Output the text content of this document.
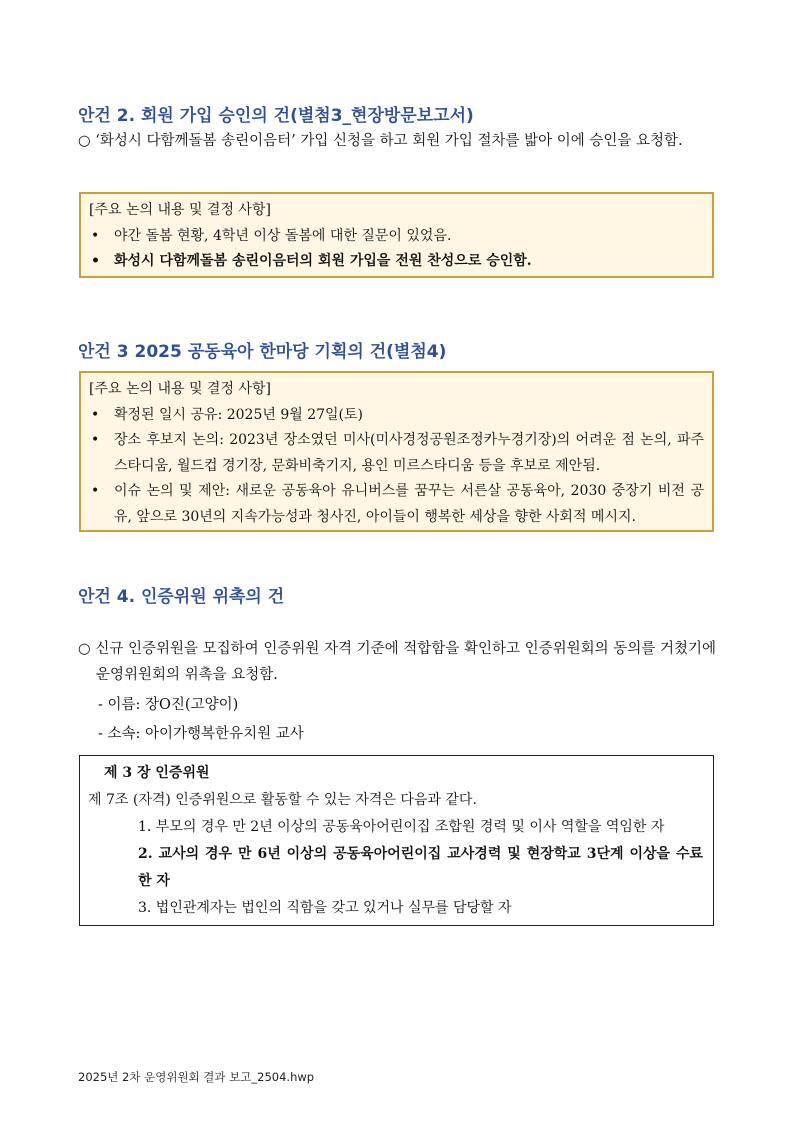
안건 2. 회원 가입 승인의 건(별첨3_현장방문보고서)
○ ‘화성시 다함께돌봄 송린이음터’ 가입 신청을 하고 회원 가입 절차를 밟아 이에 승인을 요청함.

[주요 논의 내용 및 결정 사항]

• 야간 돌봄 현황, 4학년 이상 돌봄에 대한 질문이 있었음.
• 화성시 다함께돌봄 송린이음터의 회원 가입을 전원 찬성으로 승인함.
안건 3 2025 공동육아 한마당 기획의 건(별첨4)

[주요 논의 내용 및 결정 사항]

• 확정된 일시 공유: 2025년 9월 27일(토)
• 장소 후보지 논의: 2023년 장소였던 미사(미사경정공원조정카누경기장)의 어려운 점 논의, 파주 스타디움, 월드컵 경기장, 문화비축기지, 용인 미르스타디움 등을 후보로 제안됨.
• 이슈 논의 및 제안: 새로운 공동육아 유니버스를 꿈꾸는 서른살 공동육아, 2030 중장기 비전 공유, 앞으로 30년의 지속가능성과 청사진, 아이들이 행복한 세상을 향한 사회적 메시지.
안건 4. 인증위원 위촉의 건
○ 신규 인증위원을 모집하여 인증위원 자격 기준에 적합함을 확인하고 인증위원회의 동의를 거쳤기에 운영위원회의 위촉을 요청함.
- 이름: 장O진(고양이)
- 소속: 아이가행복한유치원 교사
제 3 장 인증위원
제 7조 (자격) 인증위원으로 활동할 수 있는 자격은 다음과 같다.
1. 부모의 경우 만 2년 이상의 공동육아어린이집 조합원 경력 및 이사 역할을 역임한 자
2. 교사의 경우 만 6년 이상의 공동육아어린이집 교사경력 및 현장학교 3단계 이상을 수료한 자
3. 법인관계자는 법인의 직함을 갖고 있거나 실무를 담당할 자
2025년 2차 운영위원회 결과 보고_2504.hwp
